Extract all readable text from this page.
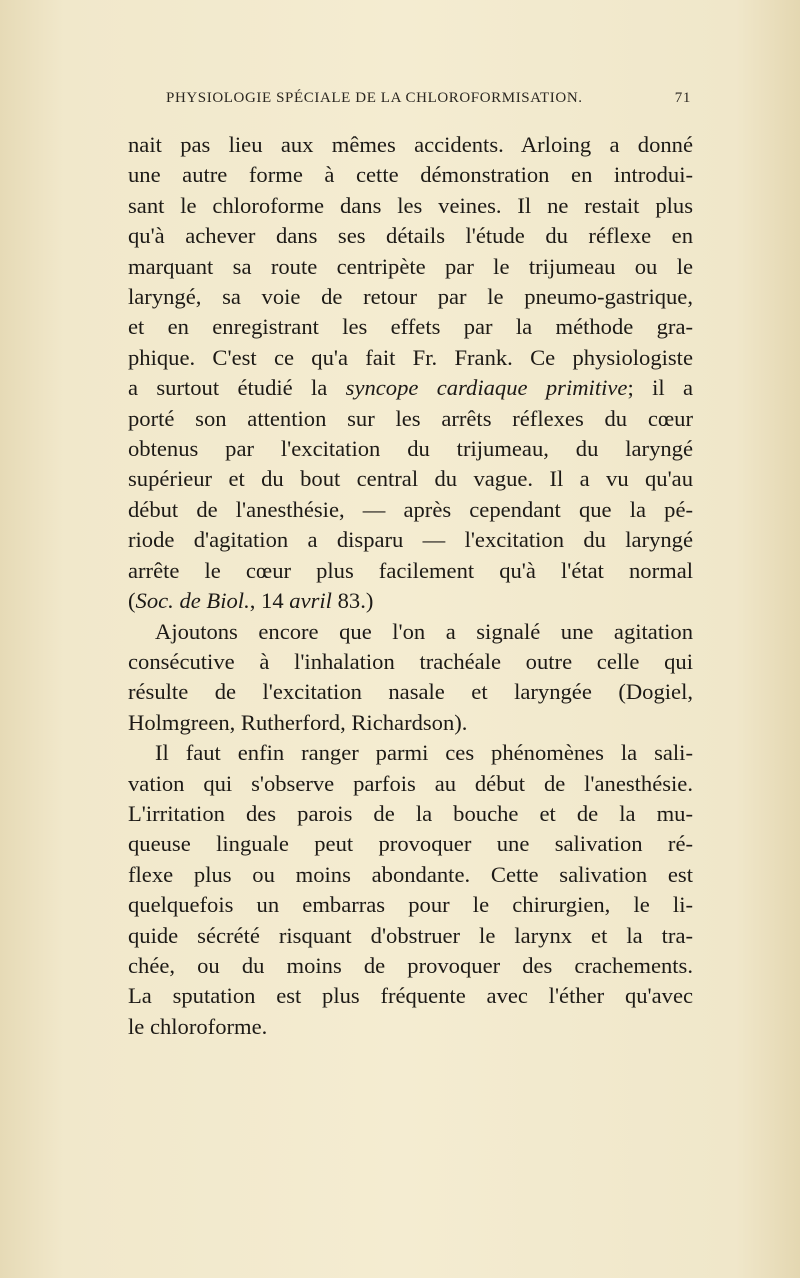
PHYSIOLOGIE SPÉCIALE DE LA CHLOROFORMISATION.	71
nait pas lieu aux mêmes accidents. Arloing a donné
une autre forme à cette démonstration en introdui-
sant le chloroforme dans les veines. Il ne restait plus
qu'à achever dans ses détails l'étude du réflexe en
marquant sa route centripète par le trijumeau ou le
laryngé, sa voie de retour par le pneumo-gastrique,
et en enregistrant les effets par la méthode gra-
phique. C'est ce qu'a fait Fr. Frank. Ce physiologiste
a surtout étudié la syncope cardiaque primitive; il a
porté son attention sur les arrêts réflexes du cœur
obtenus par l'excitation du trijumeau, du laryngé
supérieur et du bout central du vague. Il a vu qu'au
début de l'anesthésie, — après cependant que la pé-
riode d'agitation a disparu — l'excitation du laryngé
arrête le cœur plus facilement qu'à l'état normal
(Soc. de Biol., 14 avril 83.)
Ajoutons encore que l'on a signalé une agitation
consécutive à l'inhalation trachéale outre celle qui
résulte de l'excitation nasale et laryngée (Dogiel,
Holmgreen, Rutherford, Richardson).
Il faut enfin ranger parmi ces phénomènes la sali-
vation qui s'observe parfois au début de l'anesthésie.
L'irritation des parois de la bouche et de la mu-
queuse linguale peut provoquer une salivation ré-
flexe plus ou moins abondante. Cette salivation est
quelquefois un embarras pour le chirurgien, le li-
quide sécrété risquant d'obstruer le larynx et la tra-
chée, ou du moins de provoquer des crachements.
La sputation est plus fréquente avec l'éther qu'avec
le chloroforme.
